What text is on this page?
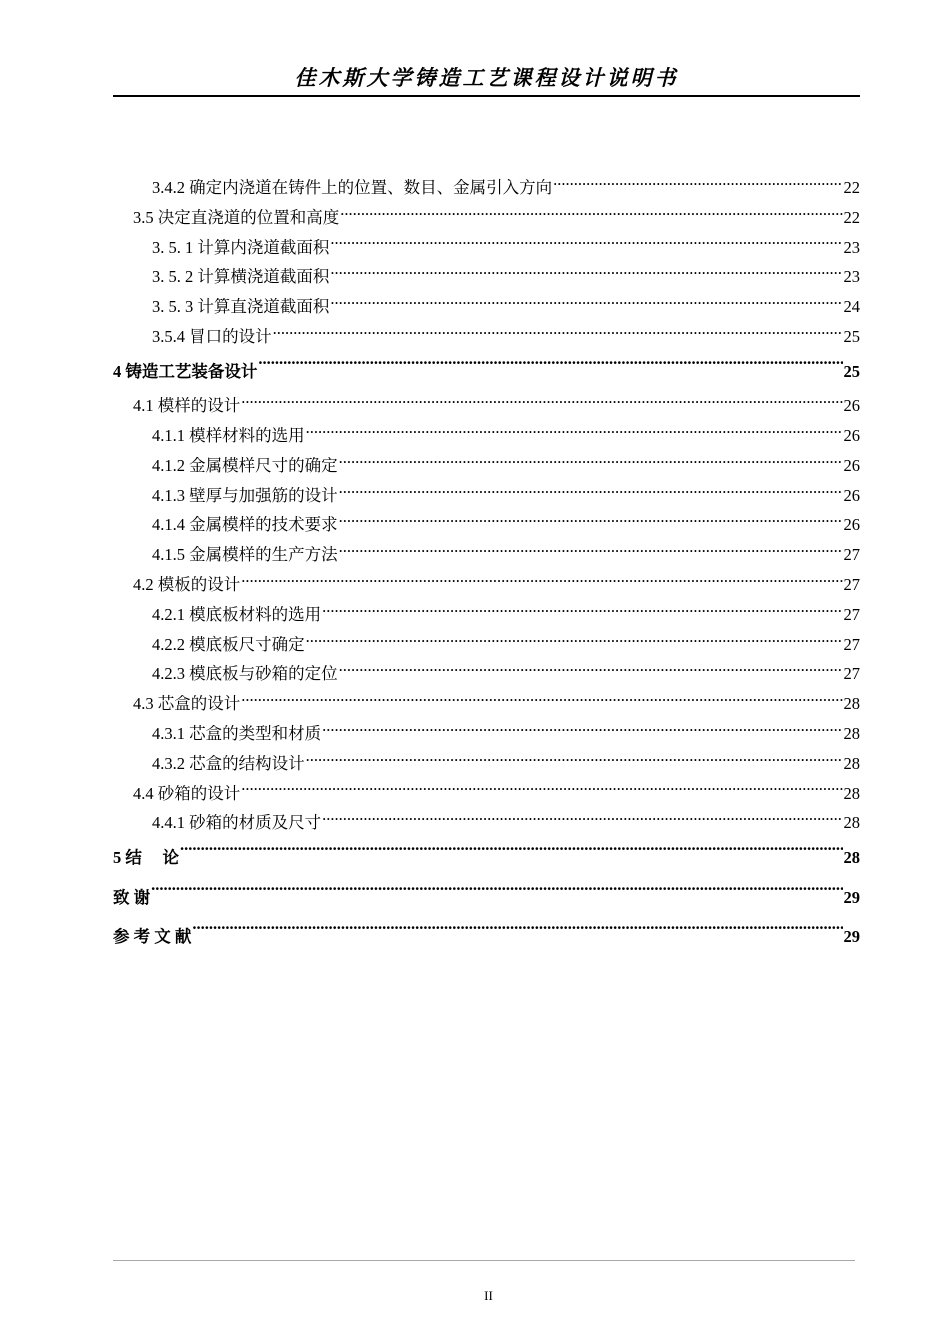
佳木斯大学铸造工艺课程设计说明书
3.4.2 确定内浇道在铸件上的位置、数目、金属引入方向 .....	22
3.5 决定直浇道的位置和高度 .....	22
3. 5. 1 计算内浇道截面积 .....	23
3. 5. 2 计算横浇道截面积 .....	23
3. 5. 3 计算直浇道截面积 .....	24
3.5.4 冒口的设计 .....	25
4 铸造工艺装备设计 .....	25
4.1 模样的设计 .....	26
4.1.1 模样材料的选用 .....	26
4.1.2 金属模样尺寸的确定 .....	26
4.1.3 壁厚与加强筋的设计 .....	26
4.1.4 金属模样的技术要求 .....	26
4.1.5 金属模样的生产方法 .....	27
4.2 模板的设计 .....	27
4.2.1 模底板材料的选用 .....	27
4.2.2 模底板尺寸确定 .....	27
4.2.3 模底板与砂箱的定位 .....	27
4.3 芯盒的设计 .....	28
4.3.1 芯盒的类型和材质 .....	28
4.3.2 芯盒的结构设计 .....	28
4.4 砂箱的设计 .....	28
4.4.1 砂箱的材质及尺寸 .....	28
5 结　 论 .....	28
致 谢 .....	29
参 考 文 献 .....	29
II
